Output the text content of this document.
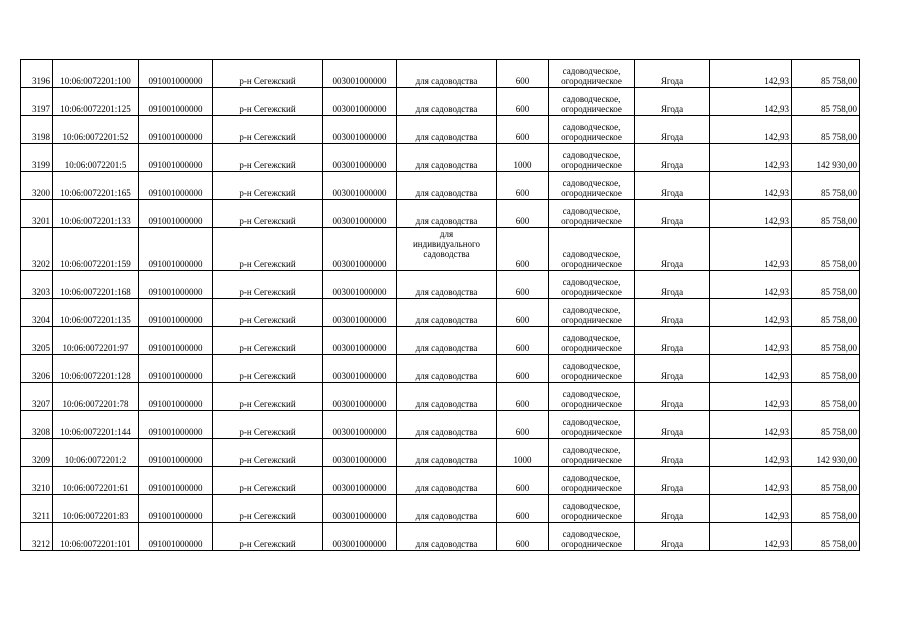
3196	10:06:0072201:100	091001000000	р-н Сегежский	003001000000	для садоводства	600	садоводческое,
огородническое	Ягода	142,93	85 758,00
3197	10:06:0072201:125	091001000000	р-н Сегежский	003001000000	для садоводства	600	садоводческое,
огородническое	Ягода	142,93	85 758,00
3198	10:06:0072201:52	091001000000	р-н Сегежский	003001000000	для садоводства	600	садоводческое,
огородническое	Ягода	142,93	85 758,00
3199	10:06:0072201:5	091001000000	р-н Сегежский	003001000000	для садоводства	1000	садоводческое,
огородническое	Ягода	142,93	142 930,00
3200	10:06:0072201:165	091001000000	р-н Сегежский	003001000000	для садоводства	600	садоводческое,
огородническое	Ягода	142,93	85 758,00
3201	10:06:0072201:133	091001000000	р-н Сегежский	003001000000	для садоводства	600	садоводческое,
огородническое	Ягода	142,93	85 758,00
3202	10:06:0072201:159	091001000000	р-н Сегежский	003001000000	для
индивидуального
садоводства	600	садоводческое,
огородническое	Ягода	142,93	85 758,00
3203	10:06:0072201:168	091001000000	р-н Сегежский	003001000000	для садоводства	600	садоводческое,
огородническое	Ягода	142,93	85 758,00
3204	10:06:0072201:135	091001000000	р-н Сегежский	003001000000	для садоводства	600	садоводческое,
огородническое	Ягода	142,93	85 758,00
3205	10:06:0072201:97	091001000000	р-н Сегежский	003001000000	для садоводства	600	садоводческое,
огородническое	Ягода	142,93	85 758,00
3206	10:06:0072201:128	091001000000	р-н Сегежский	003001000000	для садоводства	600	садоводческое,
огородническое	Ягода	142,93	85 758,00
3207	10:06:0072201:78	091001000000	р-н Сегежский	003001000000	для садоводства	600	садоводческое,
огородническое	Ягода	142,93	85 758,00
3208	10:06:0072201:144	091001000000	р-н Сегежский	003001000000	для садоводства	600	садоводческое,
огородническое	Ягода	142,93	85 758,00
3209	10:06:0072201:2	091001000000	р-н Сегежский	003001000000	для садоводства	1000	садоводческое,
огородническое	Ягода	142,93	142 930,00
3210	10:06:0072201:61	091001000000	р-н Сегежский	003001000000	для садоводства	600	садоводческое,
огородническое	Ягода	142,93	85 758,00
3211	10:06:0072201:83	091001000000	р-н Сегежский	003001000000	для садоводства	600	садоводческое,
огородническое	Ягода	142,93	85 758,00
3212	10:06:0072201:101	091001000000	р-н Сегежский	003001000000	для садоводства	600	садоводческое,
огородническое	Ягода	142,93	85 758,00
